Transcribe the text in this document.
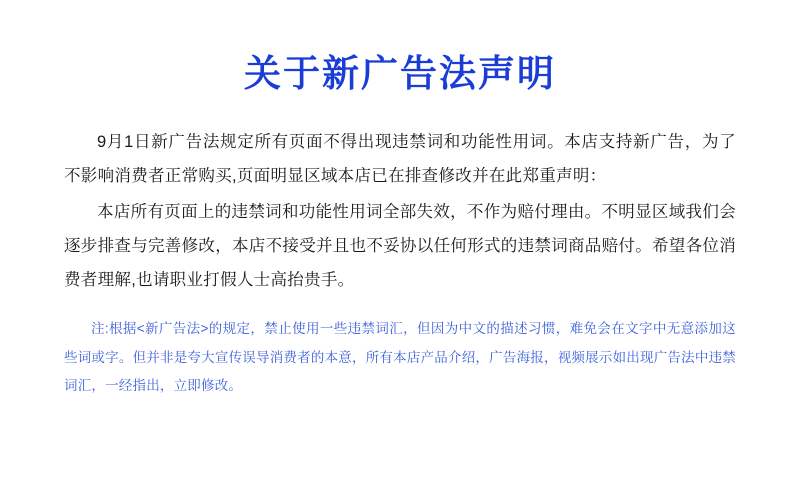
关于新广告法声明

9月1日新广告法规定所有页面不得出现违禁词和功能性用词。本店支持新广告，为了不影响消费者正常购买,页面明显区域本店已在排查修改并在此郑重声明：

本店所有页面上的违禁词和功能性用词全部失效，不作为赔付理由。不明显区域我们会逐步排查与完善修改，本店不接受并且也不妥协以任何形式的违禁词商品赔付。希望各位消费者理解,也请职业打假人士高抬贵手。

注:根据<新广告法>的规定，禁止使用一些违禁词汇，但因为中文的描述习惯，难免会在文字中无意添加这些词或字。但并非是夸大宣传误导消费者的本意，所有本店产品介绍，广告海报，视频展示如出现广告法中违禁词汇，一经指出，立即修改。
